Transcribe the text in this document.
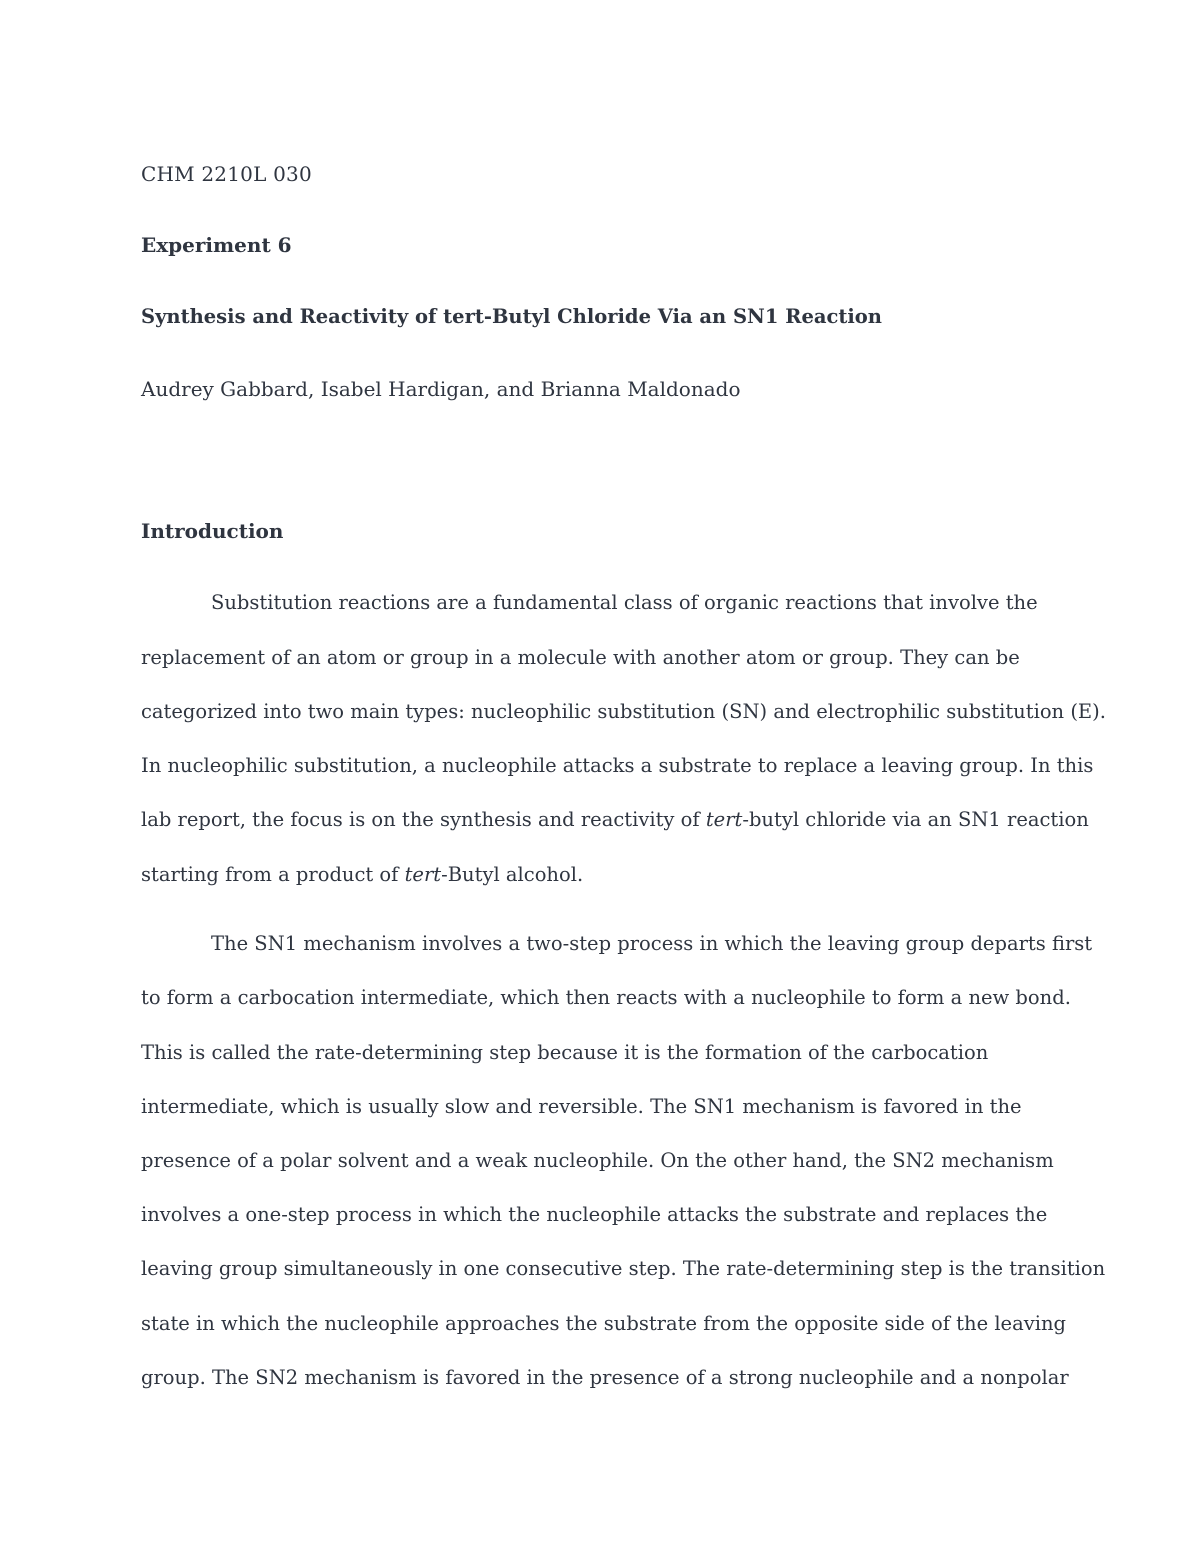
CHM 2210L 030
Experiment 6
Synthesis and Reactivity of tert-Butyl Chloride Via an SN1 Reaction
Audrey Gabbard, Isabel Hardigan, and Brianna Maldonado
Introduction
Substitution reactions are a fundamental class of organic reactions that involve the
replacement of an atom or group in a molecule with another atom or group. They can be
categorized into two main types: nucleophilic substitution (SN) and electrophilic substitution (E).
In nucleophilic substitution, a nucleophile attacks a substrate to replace a leaving group. In this
lab report, the focus is on the synthesis and reactivity of tert-butyl chloride via an SN1 reaction
starting from a product of tert-Butyl alcohol.
The SN1 mechanism involves a two-step process in which the leaving group departs first
to form a carbocation intermediate, which then reacts with a nucleophile to form a new bond.
This is called the rate-determining step because it is the formation of the carbocation
intermediate, which is usually slow and reversible. The SN1 mechanism is favored in the
presence of a polar solvent and a weak nucleophile. On the other hand, the SN2 mechanism
involves a one-step process in which the nucleophile attacks the substrate and replaces the
leaving group simultaneously in one consecutive step. The rate-determining step is the transition
state in which the nucleophile approaches the substrate from the opposite side of the leaving
group. The SN2 mechanism is favored in the presence of a strong nucleophile and a nonpolar
